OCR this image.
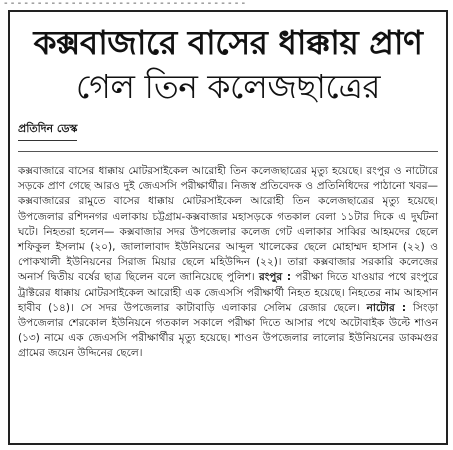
- - - - - - - - - - - - - - - - - - - - - - - - - - - - - - - - - - - -
কক্সবাজারে বাসের ধাক্কায় প্রাণ
গেল তিন কলেজছাত্রের
প্রতিদিন ডেস্ক

কক্সবাজারে বাসের ধাক্কায় মোটরসাইকেল আরোহী তিন কলেজছাত্রের মৃত্যু হয়েছে। রংপুর ও নাটোরে সড়কে প্রাণ গেছে আরও দুই জেএসসি পরীক্ষার্থীর। নিজস্ব প্রতিবেদক ও প্রতিনিধিদের পাঠানো খবর— কক্সবাজারের রামুতে বাসের ধাক্কায় মোটরসাইকেল আরোহী তিন কলেজছাত্রের মৃত্যু হয়েছে। উপজেলার রশিদনগর এলাকায় চট্টগ্রাম-কক্সবাজার মহাসড়কে গতকাল বেলা ১১টার দিকে এ দুর্ঘটনা ঘটে। নিহতরা হলেন— কক্সবাজার সদর উপজেলার কলেজ গেট এলাকার সাব্বির আহমদের ছেলে শফিকুল ইসলাম (২০), জালালাবাদ ইউনিয়নের আব্দুল খালেকের ছেলে মোহাম্মদ হাসান (২২) ও পোকখালী ইউনিয়নের সিরাজ মিয়ার ছেলে মহিউদ্দিন (২২)। তারা কক্সবাজার সরকারি কলেজের অনার্স দ্বিতীয় বর্ষের ছাত্র ছিলেন বলে জানিয়েছে পুলিশ। রংপুর : পরীক্ষা দিতে যাওয়ার পথে রংপুরে ট্রাক্টরের ধাক্কায় মোটরসাইকেল আরোহী এক জেএসসি পরীক্ষার্থী নিহত হয়েছে। নিহতের নাম আহসান হাবীব (১৪)। সে সদর উপজেলার কাটাবাড়ি এলাকার সেলিম রেজার ছেলে। নাটোর : সিংড়া উপজেলার শেরকোল ইউনিয়নে গতকাল সকালে পরীক্ষা দিতে আসার পথে অটোবাইক উল্টে শাওন (১৩) নামে এক জেএসসি পরীক্ষার্থীর মৃত্যু হয়েছে। শাওন উপজেলার লালোর ইউনিয়নের ডাকমগুর গ্রামের জয়েন উদ্দিনের ছেলে।
